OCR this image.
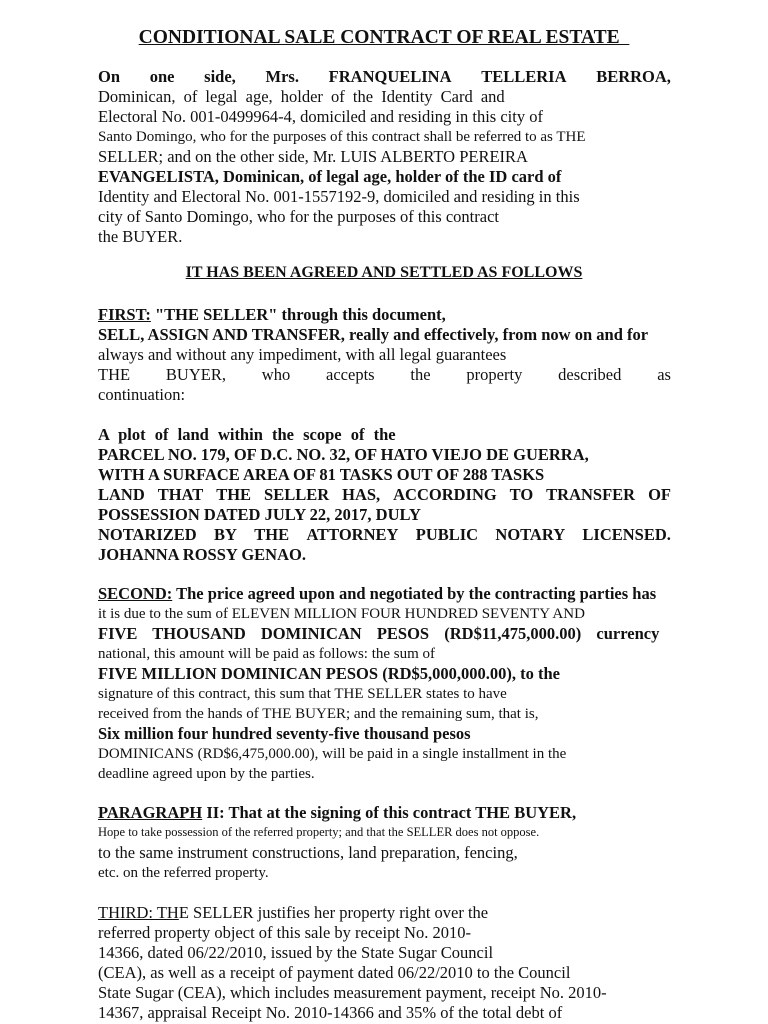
CONDITIONAL SALE CONTRACT OF REAL ESTATE
On one side, Mrs. FRANQUELINA TELLERIA BERROA,
Dominican, of legal age, holder of the Identity Card and
Electoral No. 001-0499964-4, domiciled and residing in this city of
Santo Domingo, who for the purposes of this contract shall be referred to as THE
SELLER; and on the other side, Mr. LUIS ALBERTO PEREIRA
EVANGELISTA, Dominican, of legal age, holder of the ID card of
Identity and Electoral No. 001-1557192-9, domiciled and residing in this
city of Santo Domingo, who for the purposes of this contract
the BUYER.
IT HAS BEEN AGREED AND SETTLED AS FOLLOWS
FIRST: "THE SELLER" through this document,
SELL, ASSIGN AND TRANSFER, really and effectively, from now on and for
always and without any impediment, with all legal guarantees
THE BUYER, who accepts the property described as
continuation:
A plot of land within the scope of the
PARCEL NO. 179, OF D.C. NO. 32, OF HATO VIEJO DE GUERRA,
WITH A SURFACE AREA OF 81 TASKS OUT OF 288 TASKS
LAND THAT THE SELLER HAS, ACCORDING TO TRANSFER OF
POSSESSION DATED JULY 22, 2017, DULY
NOTARIZED BY THE ATTORNEY PUBLIC NOTARY LICENSED.
JOHANNA ROSSY GENAO.
SECOND: The price agreed upon and negotiated by the contracting parties has
it is due to the sum of ELEVEN MILLION FOUR HUNDRED SEVENTY AND
FIVE THOUSAND DOMINICAN PESOS (RD$11,475,000.00) currency
national, this amount will be paid as follows: the sum of
FIVE MILLION DOMINICAN PESOS (RD$5,000,000.00), to the
signature of this contract, this sum that THE SELLER states to have
received from the hands of THE BUYER; and the remaining sum, that is,
Six million four hundred seventy-five thousand pesos
DOMINICANS (RD$6,475,000.00), will be paid in a single installment in the
deadline agreed upon by the parties.
PARAGRAPH II: That at the signing of this contract THE BUYER,
Hope to take possession of the referred property; and that the SELLER does not oppose.
to the same instrument constructions, land preparation, fencing,
etc. on the referred property.
THIRD: THE SELLER justifies her property right over the
referred property object of this sale by receipt No. 2010-
14366, dated 06/22/2010, issued by the State Sugar Council
(CEA), as well as a receipt of payment dated 06/22/2010 to the Council
State Sugar (CEA), which includes measurement payment, receipt No. 2010-
14367, appraisal Receipt No. 2010-14366 and 35% of the total debt of
